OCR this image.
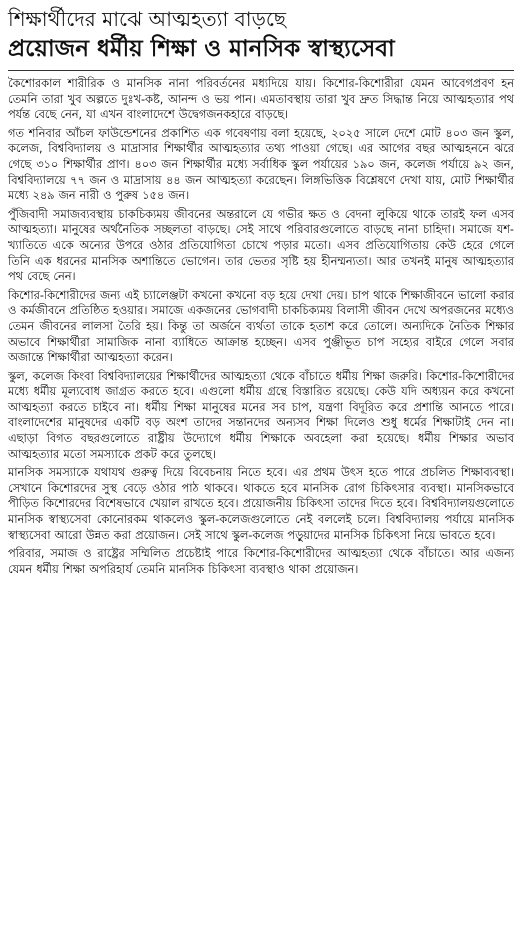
শিক্ষার্থীদের মাঝে আত্মহত্যা বাড়ছে
প্রয়োজন ধর্মীয় শিক্ষা ও মানসিক স্বাস্থ্যসেবা

কৈশোরকাল শারীরিক ও মানসিক নানা পরিবর্তনের মধ্যদিয়ে যায়। কিশোর-কিশোরীরা যেমন আবেগপ্রবণ হন তেমনি তারা খুব অল্পতে দুঃখ-কষ্ট, আনন্দ ও ভয় পান। এমতাবস্থায় তারা খুব দ্রুত সিদ্ধান্ত নিয়ে আত্মহত্যার পথ পর্যন্ত বেছে নেন, যা এখন বাংলাদেশে উদ্বেগজনকহারে বাড়ছে।

গত শনিবার আঁচল ফাউন্ডেশনের প্রকাশিত এক গবেষণায় বলা হয়েছে, ২০২৫ সালে দেশে মোট ৪০৩ জন স্কুল, কলেজ, বিশ্ববিদ্যালয় ও মাদ্রাসার শিক্ষার্থীর আত্মহত্যার তথ্য পাওয়া গেছে। এর আগের বছর আত্মহননে ঝরে গেছে ৩১০ শিক্ষার্থীর প্রাণ। ৪০৩ জন শিক্ষার্থীর মধ্যে সর্বাধিক স্কুল পর্যায়ের ১৯০ জন, কলেজ পর্যায়ে ৯২ জন, বিশ্ববিদ্যালয়ে ৭৭ জন ও মাদ্রাসায় ৪৪ জন আত্মহত্যা করেছেন। লিঙ্গভিত্তিক বিশ্লেষণে দেখা যায়, মোট শিক্ষার্থীর মধ্যে ২৪৯ জন নারী ও পুরুষ ১৫৪ জন।

পুঁজিবাদী সমাজব্যবস্থায় চাকচিক্যময় জীবনের অন্তরালে যে গভীর ক্ষত ও বেদনা লুকিয়ে থাকে তারই ফল এসব আত্মহত্যা। মানুষের অর্থনৈতিক সচ্ছলতা বাড়ছে। সেই সাথে পরিবারগুলোতে বাড়ছে নানা চাহিদা। সমাজে যশ-খ্যাতিতে একে অন্যের উপরে ওঠার প্রতিযোগিতা চোখে পড়ার মতো। এসব প্রতিযোগিতায় কেউ হেরে গেলে তিনি এক ধরনের মানসিক অশান্তিতে ভোগেন। তার ভেতর সৃষ্টি হয় হীনম্মন্যতা। আর তখনই মানুষ আত্মহত্যার পথ বেছে নেন।

কিশোর-কিশোরীদের জন্য এই চ্যালেঞ্জটা কখনো কখনো বড় হয়ে দেখা দেয়। চাপ থাকে শিক্ষাজীবনে ভালো করার ও কর্মজীবনে প্রতিষ্ঠিত হওয়ার। সমাজে একজনের ভোগবাদী চাকচিক্যময় বিলাসী জীবন দেখে অপরজনের মধ্যেও তেমন জীবনের লালসা তৈরি হয়। কিন্তু তা অর্জনে ব্যর্থতা তাকে হতাশ করে তোলে। অন্যদিকে নৈতিক শিক্ষার অভাবে শিক্ষার্থীরা সামাজিক নানা ব্যাধিতে আক্রান্ত হচ্ছেন। এসব পুঞ্জীভূত চাপ সহ্যের বাইরে গেলে সবার অজান্তে শিক্ষার্থীরা আত্মহত্যা করেন।

স্কুল, কলেজ কিংবা বিশ্ববিদ্যালয়ের শিক্ষার্থীদের আত্মহত্যা থেকে বাঁচাতে ধর্মীয় শিক্ষা জরুরি। কিশোর-কিশোরীদের মধ্যে ধর্মীয় মূল্যবোধ জাগ্রত করতে হবে। এগুলো ধর্মীয় গ্রন্থে বিস্তারিত রয়েছে। কেউ যদি অধ্যয়ন করে কখনো আত্মহত্যা করতে চাইবে না। ধর্মীয় শিক্ষা মানুষের মনের সব চাপ, যন্ত্রণা বিদূরিত করে প্রশান্তি আনতে পারে। বাংলাদেশের মানুষদের একটি বড় অংশ তাদের সন্তানদের অন্যসব শিক্ষা দিলেও শুধু ধর্মের শিক্ষাটাই দেন না। এছাড়া বিগত বছরগুলোতে রাষ্ট্রীয় উদ্যোগে ধর্মীয় শিক্ষাকে অবহেলা করা হয়েছে। ধর্মীয় শিক্ষার অভাব আত্মহত্যার মতো সমস্যাকে প্রকট করে তুলছে।

মানসিক সমস্যাকে যথাযথ গুরুত্ব দিয়ে বিবেচনায় নিতে হবে। এর প্রথম উৎস হতে পারে প্রচলিত শিক্ষাব্যবস্থা। সেখানে কিশোরদের সুস্থ বেড়ে ওঠার পাঠ থাকবে। থাকতে হবে মানসিক রোগ চিকিৎসার ব্যবস্থা। মানসিকভাবে পীড়িত কিশোরদের বিশেষভাবে খেয়াল রাখতে হবে। প্রয়োজনীয় চিকিৎসা তাদের দিতে হবে। বিশ্ববিদ্যালয়গুলোতে মানসিক স্বাস্থ্যসেবা কোনোরকম থাকলেও স্কুল-কলেজগুলোতে নেই বললেই চলে। বিশ্ববিদ্যালয় পর্যায়ে মানসিক স্বাস্থ্যসেবা আরো উন্নত করা প্রয়োজন। সেই সাথে স্কুল-কলেজ পড়ুয়াদের মানসিক চিকিৎসা নিয়ে ভাবতে হবে।

পরিবার, সমাজ ও রাষ্ট্রের সম্মিলিত প্রচেষ্টাই পারে কিশোর-কিশোরীদের আত্মহত্যা থেকে বাঁচাতে। আর এজন্য যেমন ধর্মীয় শিক্ষা অপরিহার্য তেমনি মানসিক চিকিৎসা ব্যবস্থাও থাকা প্রয়োজন।
